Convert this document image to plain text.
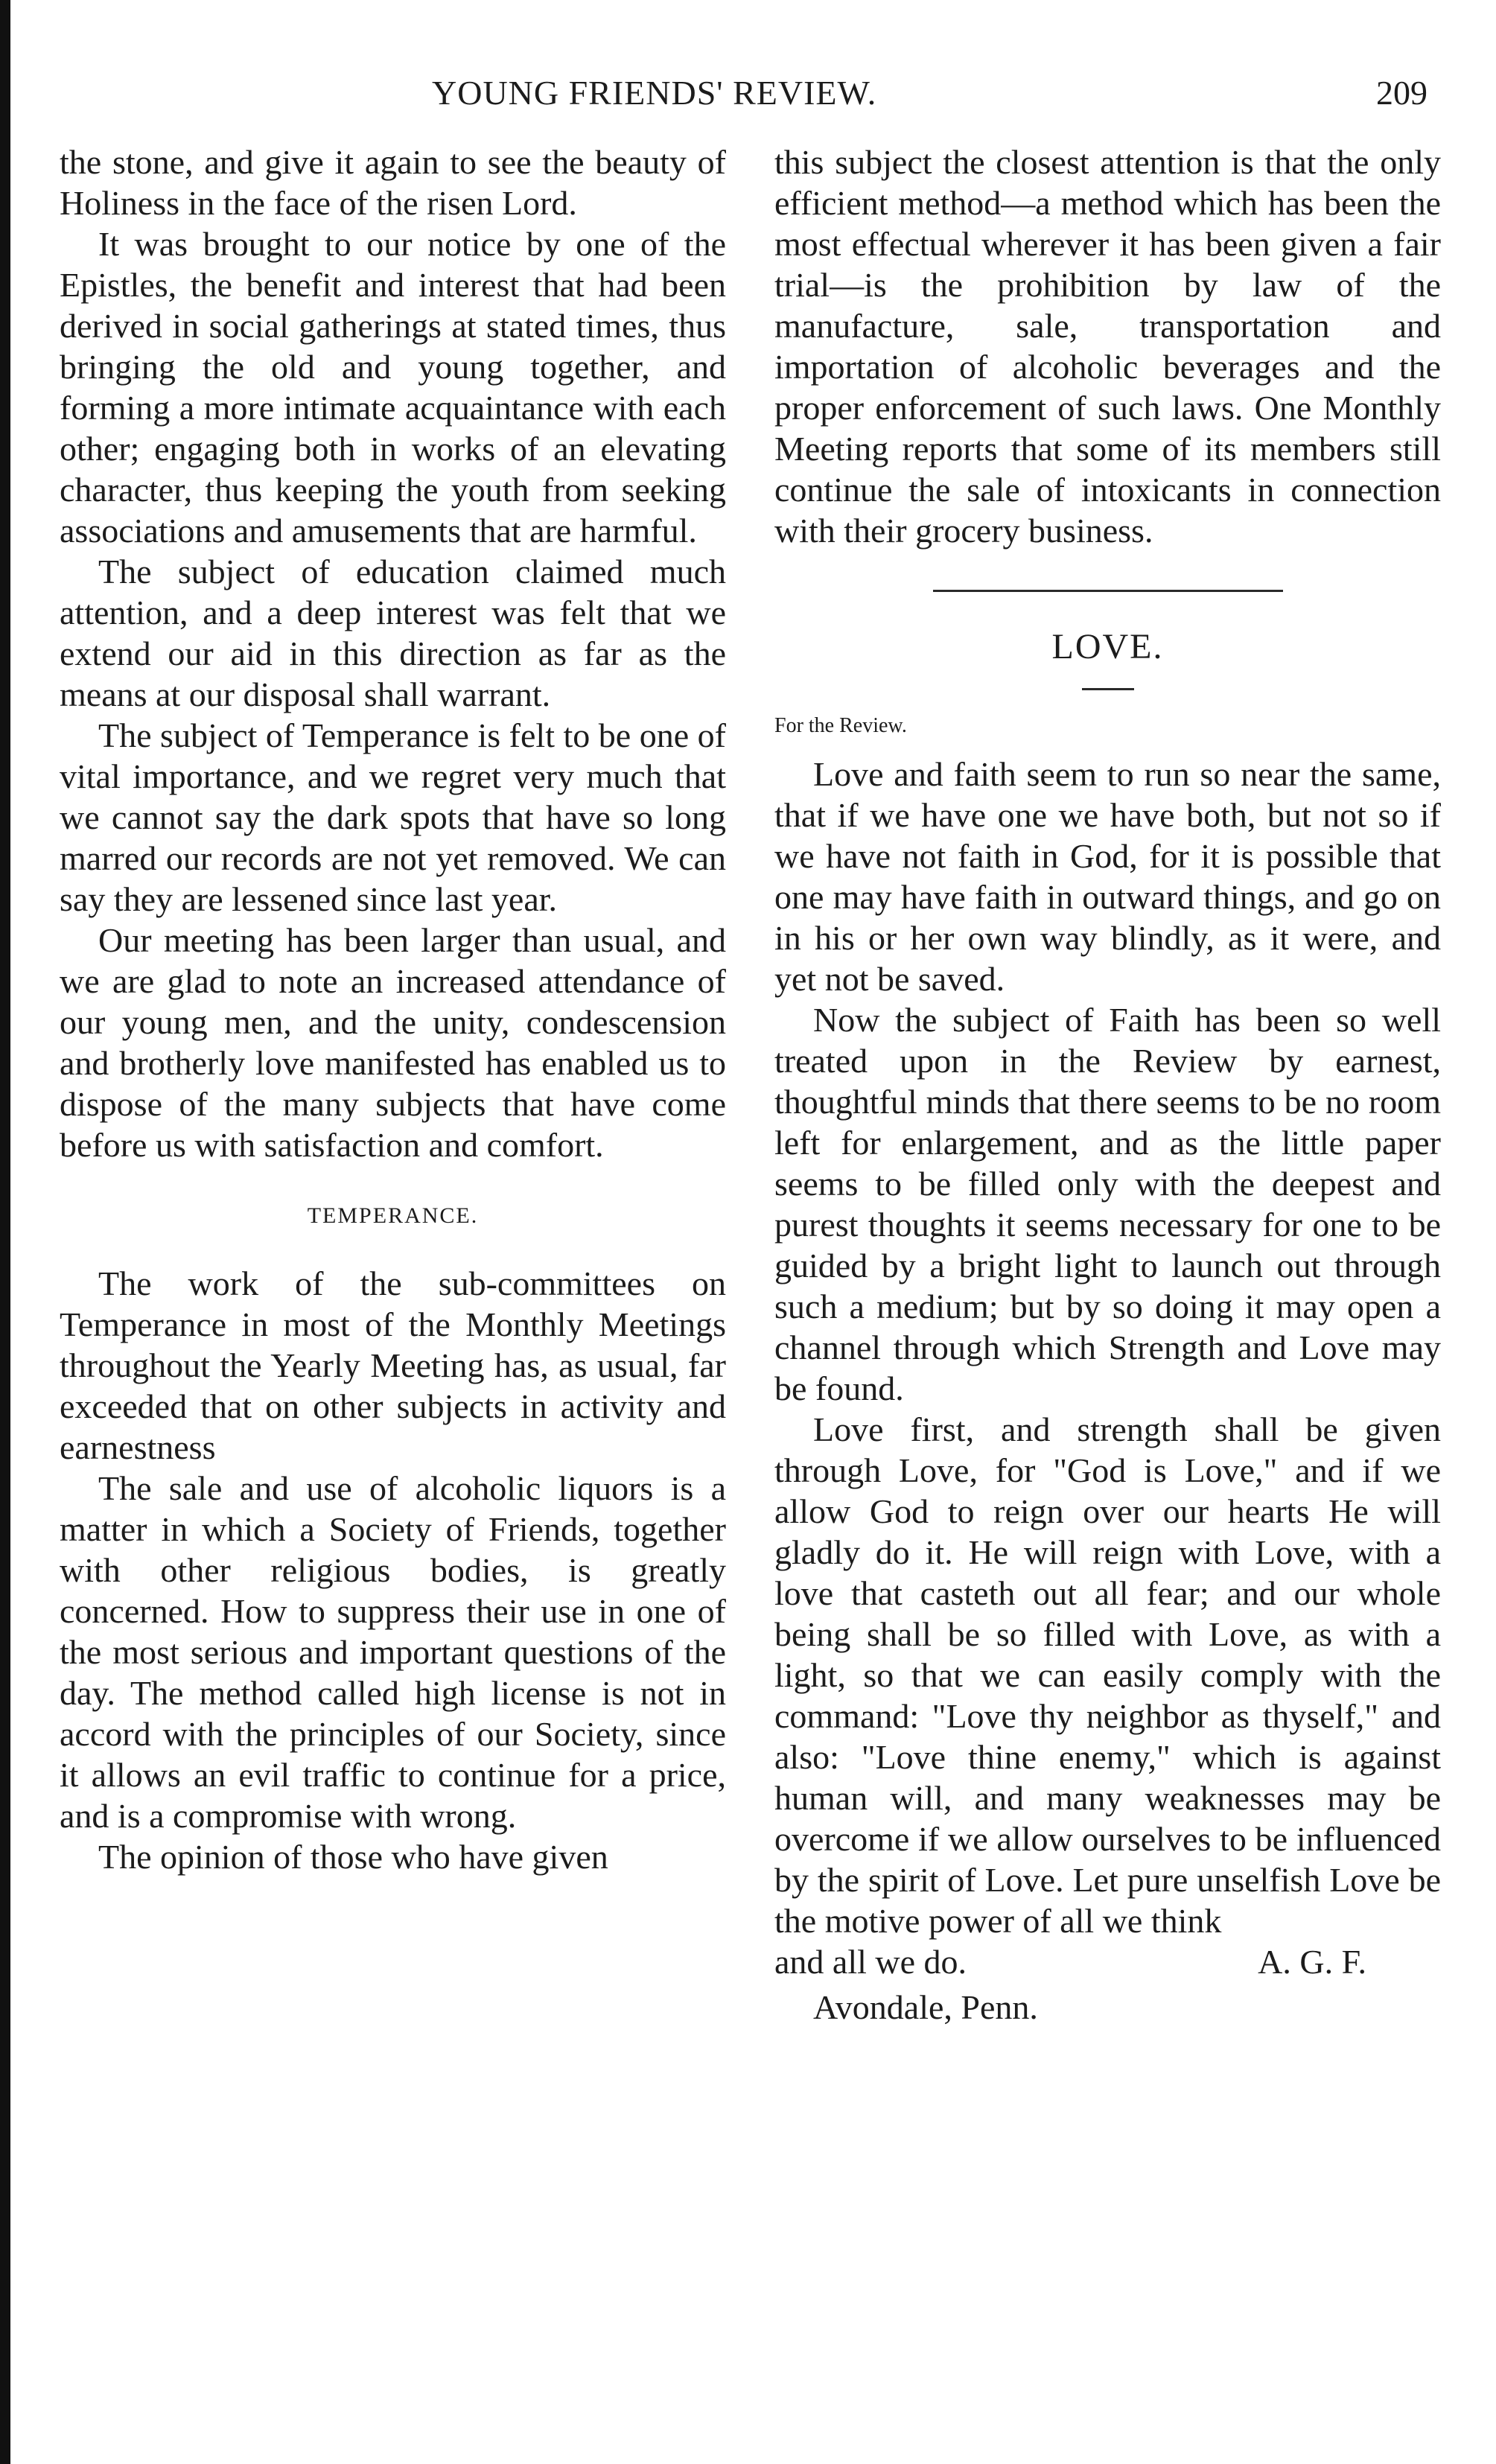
YOUNG FRIENDS' REVIEW.	209

the stone, and give it again to see the beauty of Holiness in the face of the risen Lord.

It was brought to our notice by one of the Epistles, the benefit and interest that had been derived in social gatherings at stated times, thus bringing the old and young together, and forming a more intimate acquaintance with each other; engaging both in works of an elevating character, thus keeping the youth from seeking associations and amusements that are harmful.

The subject of education claimed much attention, and a deep interest was felt that we extend our aid in this direction as far as the means at our disposal shall warrant.

The subject of Temperance is felt to be one of vital importance, and we regret very much that we cannot say the dark spots that have so long marred our records are not yet removed. We can say they are lessened since last year.

Our meeting has been larger than usual, and we are glad to note an increased attendance of our young men, and the unity, condescension and brotherly love manifested has enabled us to dispose of the many subjects that have come before us with satisfaction and comfort.

TEMPERANCE.

The work of the sub-committees on Temperance in most of the Monthly Meetings throughout the Yearly Meeting has, as usual, far exceeded that on other subjects in activity and earnestness

The sale and use of alcoholic liquors is a matter in which a Society of Friends, together with other religious bodies, is greatly concerned. How to suppress their use in one of the most serious and important questions of the day. The method called high license is not in accord with the principles of our Society, since it allows an evil traffic to continue for a price, and is a compromise with wrong.

The opinion of those who have given

this subject the closest attention is that the only efficient method—a method which has been the most effectual wherever it has been given a fair trial—is the prohibition by law of the manufacture, sale, transportation and importation of alcoholic beverages and the proper enforcement of such laws. One Monthly Meeting reports that some of its members still continue the sale of intoxicants in connection with their grocery business.

LOVE.
For the Review.

Love and faith seem to run so near the same, that if we have one we have both, but not so if we have not faith in God, for it is possible that one may have faith in outward things, and go on in his or her own way blindly, as it were, and yet not be saved.

Now the subject of Faith has been so well treated upon in the Review by earnest, thoughtful minds that there seems to be no room left for enlargement, and as the little paper seems to be filled only with the deepest and purest thoughts it seems necessary for one to be guided by a bright light to launch out through such a medium; but by so doing it may open a channel through which Strength and Love may be found.

Love first, and strength shall be given through Love, for "God is Love," and if we allow God to reign over our hearts He will gladly do it. He will reign with Love, with a love that casteth out all fear; and our whole being shall be so filled with Love, as with a light, so that we can easily comply with the command: "Love thy neighbor as thyself," and also: "Love thine enemy," which is against human will, and many weaknesses may be overcome if we allow ourselves to be influenced by the spirit of Love. Let pure unselfish Love be the motive power of all we think

and all we do.	A. G. F.

Avondale, Penn.
